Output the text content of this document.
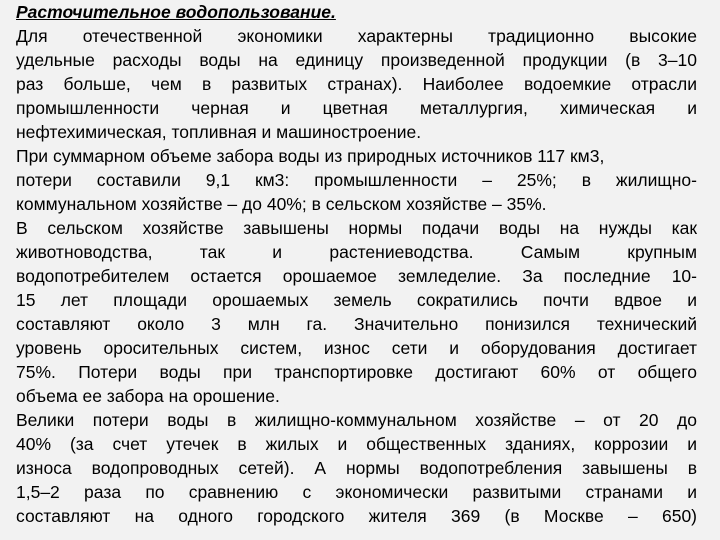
Расточительное водопользование.
Для отечественной экономики характерны традиционно высокие
удельные расходы воды на единицу произведенной продукции (в 3–10
раз больше, чем в развитых странах). Наиболее водоемкие отрасли
промышленности черная и цветная металлургия, химическая и
нефтехимическая, топливная и машиностроение.
При суммарном объеме забора воды из природных источников 117 км3,
потери составили 9,1 км3: промышленности – 25%; в жилищно-
коммунальном хозяйстве – до 40%; в сельском хозяйстве – 35%.
В сельском хозяйстве завышены нормы подачи воды на нужды как
животноводства, так и растениеводства. Самым крупным
водопотребителем остается орошаемое земледелие. За последние 10-
15 лет площади орошаемых земель сократились почти вдвое и
составляют около 3 млн га. Значительно понизился технический
уровень оросительных систем, износ сети и оборудования достигает
75%. Потери воды при транспортировке достигают 60% от общего
объема ее забора на орошение.
Велики потери воды в жилищно-коммунальном хозяйстве – от 20 до
40% (за счет утечек в жилых и общественных зданиях, коррозии и
износа водопроводных сетей). А нормы водопотребления завышены в
1,5–2 раза по сравнению с экономически развитыми странами и
составляют на одного городского жителя 369 (в Москве – 650)
